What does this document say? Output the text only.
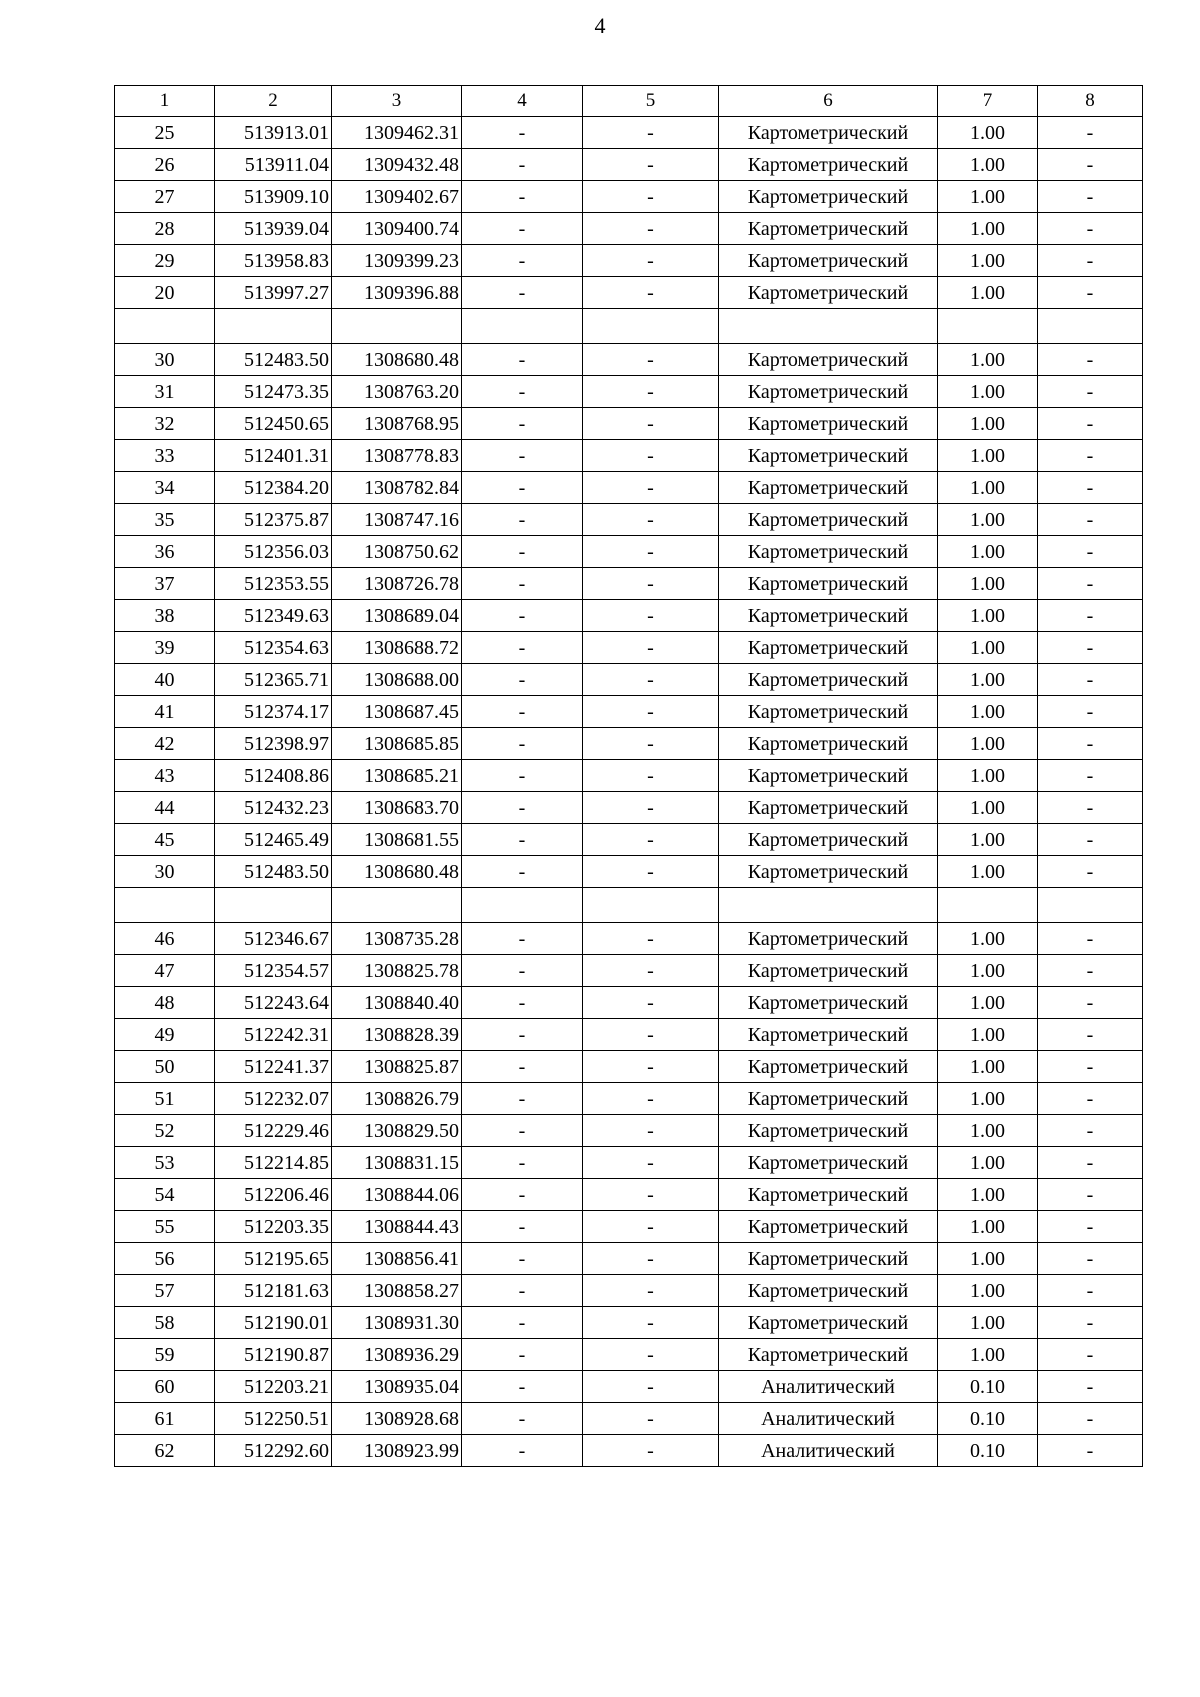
4
1	2	3	4	5	6	7	8
25	513913.01	1309462.31	-	-	Картометрический	1.00	-
26	513911.04	1309432.48	-	-	Картометрический	1.00	-
27	513909.10	1309402.67	-	-	Картометрический	1.00	-
28	513939.04	1309400.74	-	-	Картометрический	1.00	-
29	513958.83	1309399.23	-	-	Картометрический	1.00	-
20	513997.27	1309396.88	-	-	Картометрический	1.00	-

30	512483.50	1308680.48	-	-	Картометрический	1.00	-
31	512473.35	1308763.20	-	-	Картометрический	1.00	-
32	512450.65	1308768.95	-	-	Картометрический	1.00	-
33	512401.31	1308778.83	-	-	Картометрический	1.00	-
34	512384.20	1308782.84	-	-	Картометрический	1.00	-
35	512375.87	1308747.16	-	-	Картометрический	1.00	-
36	512356.03	1308750.62	-	-	Картометрический	1.00	-
37	512353.55	1308726.78	-	-	Картометрический	1.00	-
38	512349.63	1308689.04	-	-	Картометрический	1.00	-
39	512354.63	1308688.72	-	-	Картометрический	1.00	-
40	512365.71	1308688.00	-	-	Картометрический	1.00	-
41	512374.17	1308687.45	-	-	Картометрический	1.00	-
42	512398.97	1308685.85	-	-	Картометрический	1.00	-
43	512408.86	1308685.21	-	-	Картометрический	1.00	-
44	512432.23	1308683.70	-	-	Картометрический	1.00	-
45	512465.49	1308681.55	-	-	Картометрический	1.00	-
30	512483.50	1308680.48	-	-	Картометрический	1.00	-

46	512346.67	1308735.28	-	-	Картометрический	1.00	-
47	512354.57	1308825.78	-	-	Картометрический	1.00	-
48	512243.64	1308840.40	-	-	Картометрический	1.00	-
49	512242.31	1308828.39	-	-	Картометрический	1.00	-
50	512241.37	1308825.87	-	-	Картометрический	1.00	-
51	512232.07	1308826.79	-	-	Картометрический	1.00	-
52	512229.46	1308829.50	-	-	Картометрический	1.00	-
53	512214.85	1308831.15	-	-	Картометрический	1.00	-
54	512206.46	1308844.06	-	-	Картометрический	1.00	-
55	512203.35	1308844.43	-	-	Картометрический	1.00	-
56	512195.65	1308856.41	-	-	Картометрический	1.00	-
57	512181.63	1308858.27	-	-	Картометрический	1.00	-
58	512190.01	1308931.30	-	-	Картометрический	1.00	-
59	512190.87	1308936.29	-	-	Картометрический	1.00	-
60	512203.21	1308935.04	-	-	Аналитический	0.10	-
61	512250.51	1308928.68	-	-	Аналитический	0.10	-
62	512292.60	1308923.99	-	-	Аналитический	0.10	-
